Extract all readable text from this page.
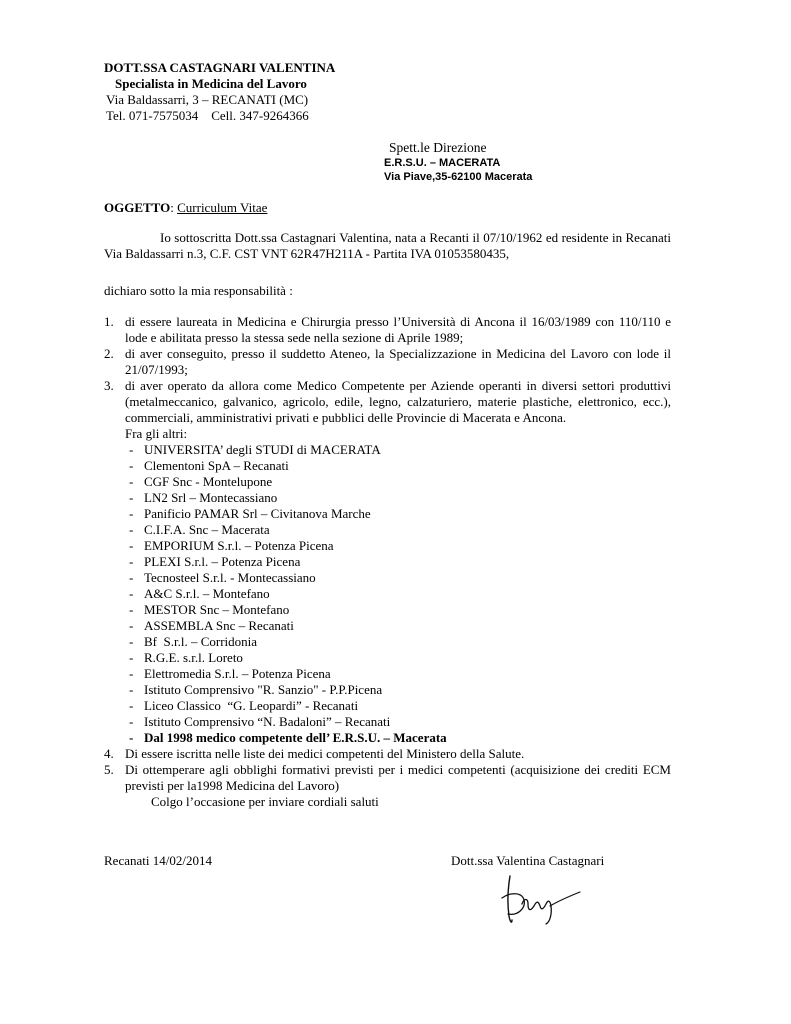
DOTT.SSA CASTAGNARI VALENTINA
Specialista in Medicina del Lavoro
Via Baldassarri, 3 – RECANATI (MC)
Tel. 071-7575034    Cell. 347-9264366
Spett.le Direzione
E.R.S.U. – MACERATA
Via Piave,35-62100 Macerata
OGGETTO: Curriculum Vitae
Io sottoscritta Dott.ssa Castagnari Valentina, nata a Recanti il 07/10/1962 ed residente in Recanati Via Baldassarri n.3, C.F. CST VNT 62R47H211A - Partita IVA 01053580435,
dichiaro sotto la mia responsabilità :
1. di essere laureata in Medicina e Chirurgia presso l’Università di Ancona il 16/03/1989 con 110/110 e lode e abilitata presso la stessa sede nella sezione di Aprile 1989;
2. di aver conseguito, presso il suddetto Ateneo, la Specializzazione in Medicina del Lavoro con lode il 21/07/1993;
3. di aver operato da allora come Medico Competente per Aziende operanti in diversi settori produttivi (metalmeccanico, galvanico, agricolo, edile, legno, calzaturiero, materie plastiche, elettronico, ecc.), commerciali, amministrativi privati e pubblici delle Provincie di Macerata e Ancona.
Fra gli altri:
- UNIVERSITA’ degli STUDI di MACERATA
- Clementoni SpA – Recanati
- CGF Snc - Montelupone
- LN2 Srl – Montecassiano
- Panificio PAMAR Srl – Civitanova Marche
- C.I.F.A. Snc – Macerata
- EMPORIUM S.r.l. – Potenza Picena
- PLEXI S.r.l. – Potenza Picena
- Tecnosteel S.r.l. - Montecassiano
- A&C S.r.l. – Montefano
- MESTOR Snc – Montefano
- ASSEMBLA Snc – Recanati
- Bf  S.r.l. – Corridonia
- R.G.E. s.r.l. Loreto
- Elettromedia S.r.l. – Potenza Picena
- Istituto Comprensivo "R. Sanzio" - P.P.Picena
- Liceo Classico  “G. Leopardi” - Recanati
- Istituto Comprensivo “N. Badaloni” – Recanati
- Dal 1998 medico competente dell’ E.R.S.U. – Macerata
4. Di essere iscritta nelle liste dei medici competenti del Ministero della Salute.
5. Di ottemperare agli obblighi formativi previsti per i medici competenti (acquisizione dei crediti ECM previsti per la1998 Medicina del Lavoro)
Colgo l’occasione per inviare cordiali saluti
Recanati 14/02/2014	Dott.ssa Valentina Castagnari
